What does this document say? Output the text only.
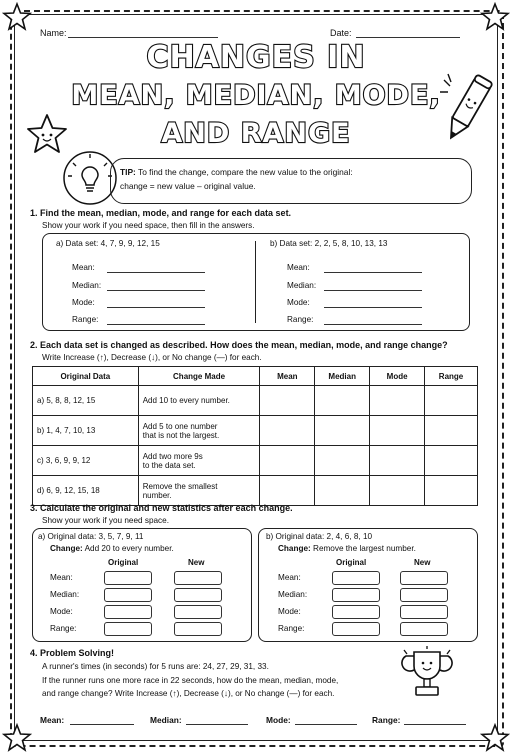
Name:	Date:
CHANGES IN
MEAN, MEDIAN, MODE,
AND RANGE
TIP: To find the change, compare the new value to the original:
change = new value – original value.
1. Find the mean, median, mode, and range for each data set.
Show your work if you need space, then fill in the answers.
a) Data set: 4, 7, 9, 9, 12, 15	b) Data set: 2, 2, 5, 8, 10, 13, 13
Mean:
Median:
Mode:
Range:
Mean:
Median:
Mode:
Range:
2. Each data set is changed as described. How does the mean, median, mode, and range change?
Write Increase (↑), Decrease (↓), or No change (—) for each.
Original Data	Change Made	Mean	Median	Mode	Range
a) 5, 8, 8, 12, 15	Add 10 to every number.				

b) 1, 4, 7, 10, 13	Add 5 to one number
that is not the largest.				

c) 3, 6, 9, 9, 12	Add two more 9s
to the data set.				

d) 6, 9, 12, 15, 18	Remove the smallest
number.				

3. Calculate the original and new statistics after each change.
Show your work if you need space.
a) Original data: 3, 5, 7, 9, 11
Change: Add 20 to every number.
Original	New
Mean:
Median:
Mode:
Range:
b) Original data: 2, 4, 6, 8, 10
Change: Remove the largest number.
Original	New
Mean:
Median:
Mode:
Range:
4. Problem Solving!
A runner's times (in seconds) for 5 runs are: 24, 27, 29, 31, 33.
If the runner runs one more race in 22 seconds, how do the mean, median, mode,
and range change? Write Increase (↑), Decrease (↓), or No change (—) for each.
Mean:	Median:	Mode:	Range:
